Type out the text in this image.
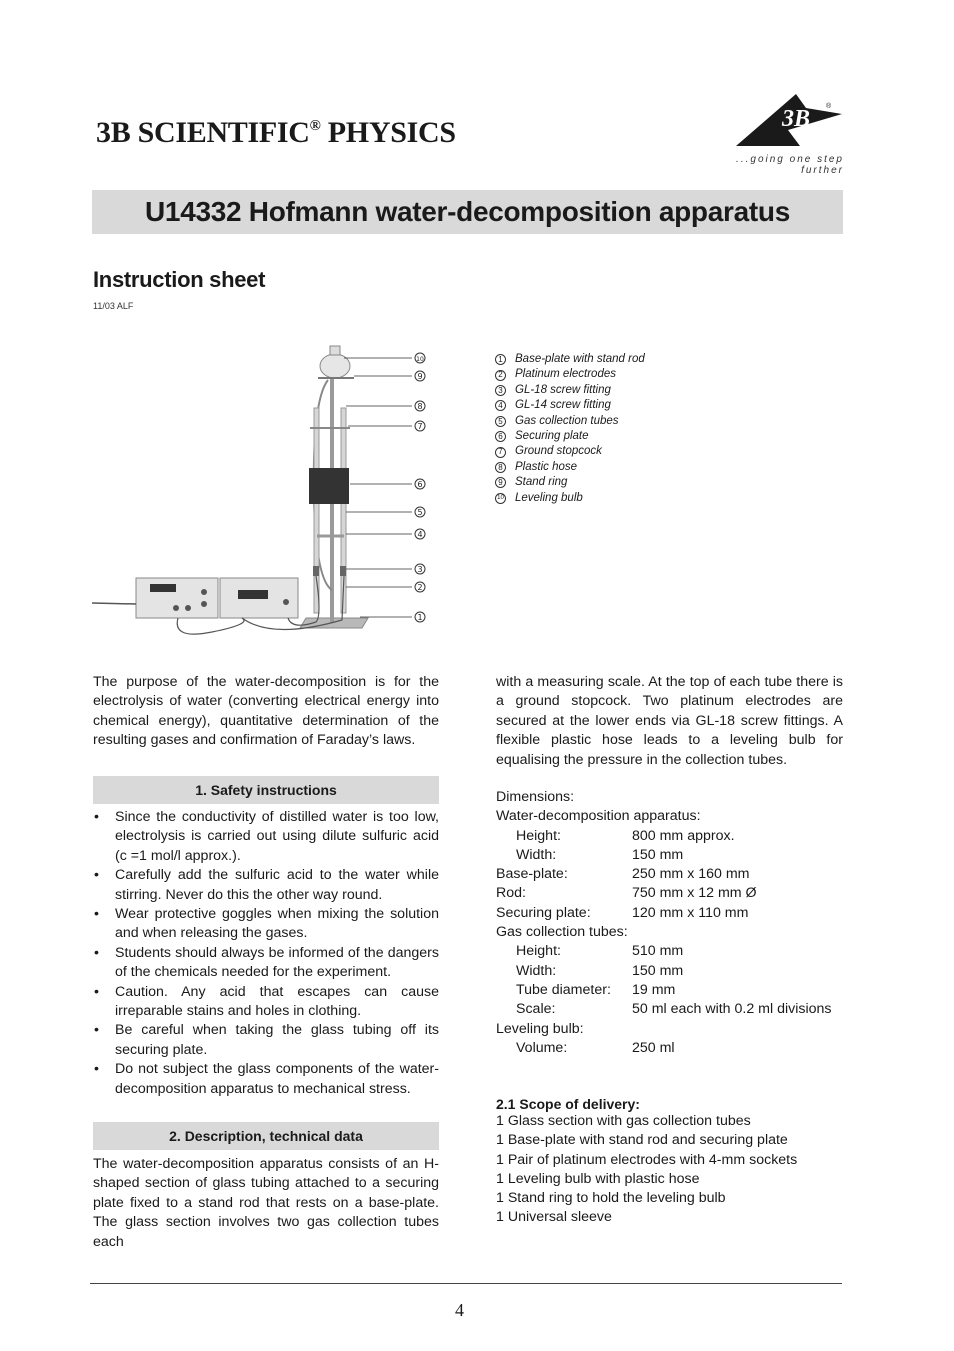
3B SCIENTIFIC® PHYSICS	3B ®
...going one step further
U14332 Hofmann water-decomposition apparatus
Instruction sheet
11/03 ALF
10
9
8
7
6
5
4
3
2
1
1 Base-plate with stand rod
2 Platinum electrodes
3 GL-18 screw fitting
4 GL-14 screw fitting
5 Gas collection tubes
6 Securing plate
7 Ground stopcock
8 Plastic hose
9 Stand ring
10 Leveling bulb
The purpose of the water-decomposition is for the electrolysis of water (converting electrical energy into chemical energy), quantitative determination of the resulting gases and confirmation of Faraday’s laws.
1. Safety instructions
• Since the conductivity of distilled water is too low, electrolysis is carried out using dilute sulfuric acid (c =1 mol/l approx.).
• Carefully add the sulfuric acid to the water while stirring. Never do this the other way round.
• Wear protective goggles when mixing the solution and when releasing the gases.
• Students should always be informed of the dangers of the chemicals needed for the experiment.
• Caution. Any acid that escapes can cause irreparable stains and holes in clothing.
• Be careful when taking the glass tubing off its securing plate.
• Do not subject the glass components of the water-decomposition apparatus to mechanical stress.
2. Description, technical data
The water-decomposition apparatus consists of an H-shaped section of glass tubing attached to a securing plate fixed to a stand rod that rests on a base-plate. The glass section involves two gas collection tubes each
with a measuring scale. At the top of each tube there is a ground stopcock. Two platinum electrodes are secured at the lower ends via GL-18 screw fittings. A flexible plastic hose leads to a leveling bulb for equalising the pressure in the collection tubes.
Dimensions:
Water-decomposition apparatus:
Height:	800 mm approx.
Width:	150 mm
Base-plate:	250 mm x 160 mm
Rod:	750 mm x 12 mm Ø
Securing plate:	120 mm x 110 mm
Gas collection tubes:
Height:	510 mm
Width:	150 mm
Tube diameter:	19 mm
Scale:	50 ml each with 0.2 ml divisions
Leveling bulb:
Volume:	250 ml
2.1 Scope of delivery:
1 Glass section with gas collection tubes
1 Base-plate with stand rod and securing plate
1 Pair of platinum electrodes with 4-mm sockets
1 Leveling bulb with plastic hose
1 Stand ring to hold the leveling bulb
1 Universal sleeve
4
